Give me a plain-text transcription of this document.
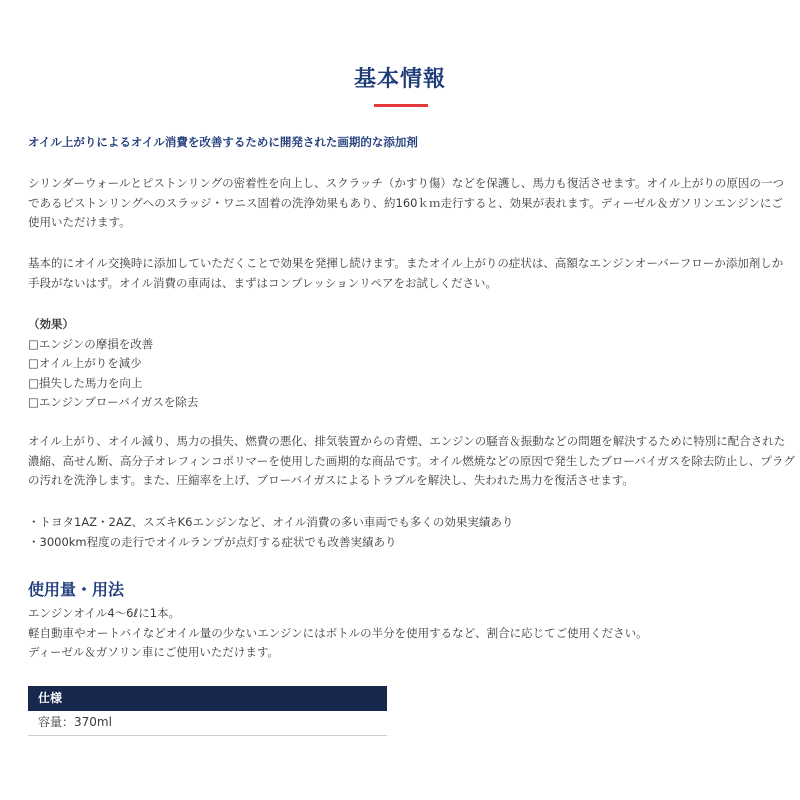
基本情報
オイル上がりによるオイル消費を改善するために開発された画期的な添加剤
シリンダーウォールとピストンリングの密着性を向上し、スクラッチ（かすり傷）などを保護し、馬力も復活させます。オイル上がりの原因の一つ
であるピストンリングへのスラッジ・ワニス固着の洗浄効果もあり、約160ｋｍ走行すると、効果が表れます。ディーゼル＆ガソリンエンジンにご
使用いただけます。
基本的にオイル交換時に添加していただくことで効果を発揮し続けます。またオイル上がりの症状は、高額なエンジンオーバーフローか添加剤しか
手段がないはず。オイル消費の車両は、まずはコンプレッションリペアをお試しください。
（効果）
□エンジンの摩損を改善
□オイル上がりを減少
□損失した馬力を向上
□エンジンブローバイガスを除去
オイル上がり、オイル減り、馬力の損失、燃費の悪化、排気装置からの青煙、エンジンの騒音＆振動などの問題を解決するために特別に配合された
濃縮、高せん断、高分子オレフィンコポリマーを使用した画期的な商品です。オイル燃焼などの原因で発生したブローバイガスを除去防止し、プラグ
の汚れを洗浄します。また、圧縮率を上げ、ブローバイガスによるトラブルを解決し、失われた馬力を復活させます。
・トヨタ1AZ・2AZ、スズキK6エンジンなど、オイル消費の多い車両でも多くの効果実績あり
・3000km程度の走行でオイルランプが点灯する症状でも改善実績あり
使用量・用法
エンジンオイル4～6ℓに1本。
軽自動車やオートバイなどオイル量の少ないエンジンにはボトルの半分を使用するなど、割合に応じてご使用ください。
ディーゼル＆ガソリン車にご使用いただけます。
仕様
容量：370ml
